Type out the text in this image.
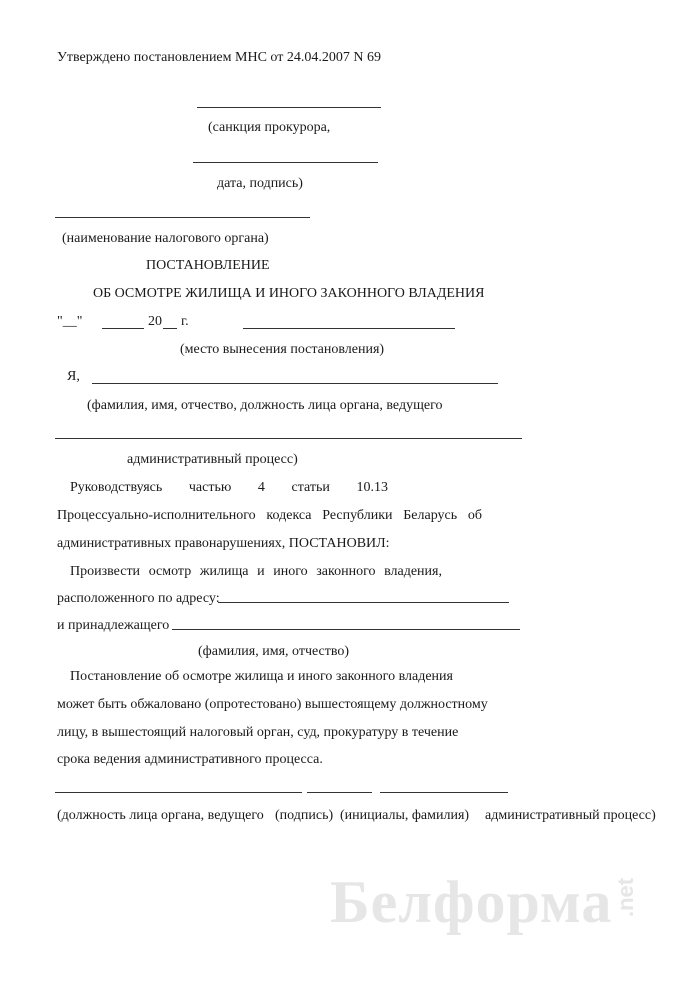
Утверждено постановлением МНС от 24.04.2007 N 69
(санкция прокурора,
дата, подпись)
(наименование налогового органа)
ПОСТАНОВЛЕНИЕ
ОБ ОСМОТРЕ ЖИЛИЩА И ИНОГО ЗАКОННОГО ВЛАДЕНИЯ
"__"	20 г.
(место вынесения постановления)
Я,
(фамилия, имя, отчество, должность лица органа, ведущего
административный процесс)
Руководствуясь частью 4 статьи 10.13
Процессуально-исполнительного кодекса Республики Беларусь об
административных правонарушениях, ПОСТАНОВИЛ:
Произвести осмотр жилища и иного законного владения,
расположенного по адресу:
и принадлежащего
(фамилия, имя, отчество)
Постановление об осмотре жилища и иного законного владения
может быть обжаловано (опротестовано) вышестоящему должностному
лицу, в вышестоящий налоговый орган, суд, прокуратуру в течение
срока ведения административного процесса.
(должность лица органа, ведущего (подпись) (инициалы, фамилия) административный процесс)
Белформа .net
